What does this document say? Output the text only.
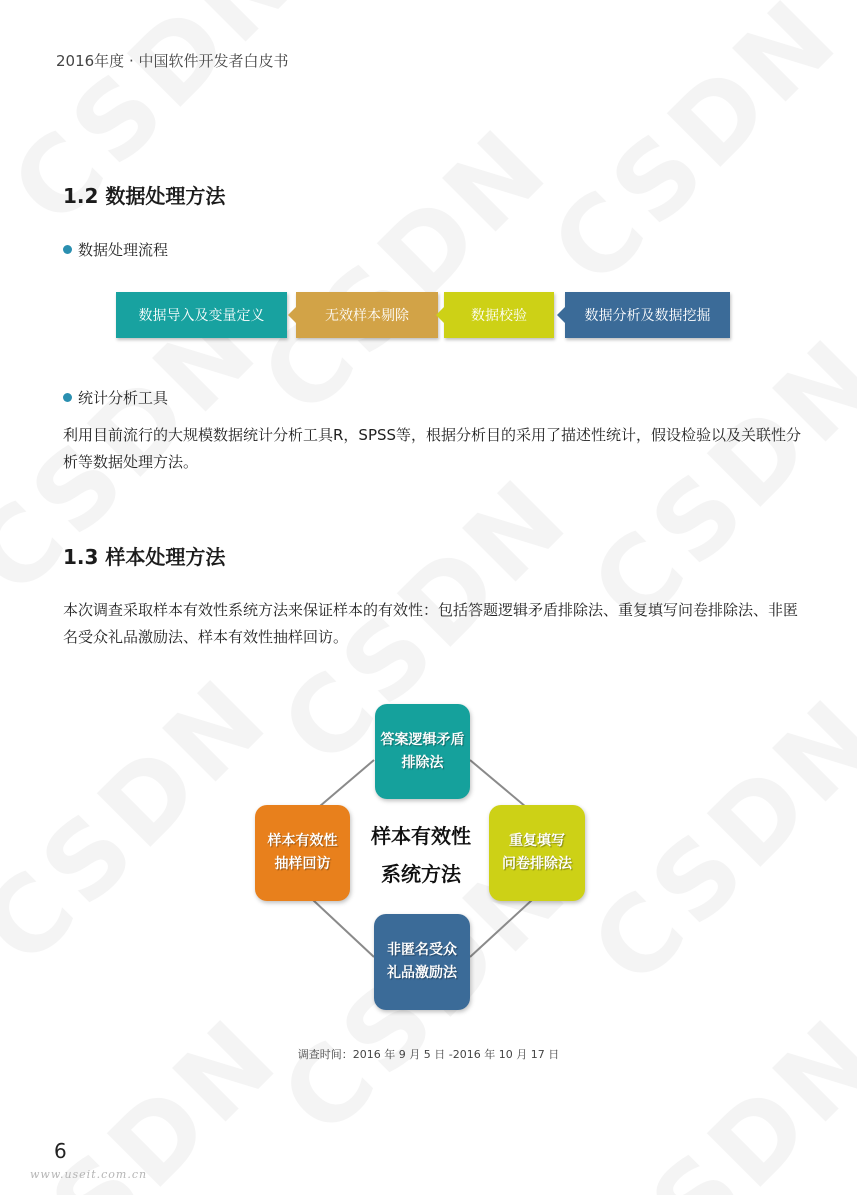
2016年度 · 中国软件开发者白皮书
1.2 数据处理方法
数据处理流程
数据导入及变量定义	无效样本剔除	数据校验	数据分析及数据挖掘
统计分析工具
利用目前流行的大规模数据统计分析工具R，SPSS等，根据分析目的采用了描述性统计，假设检验以及关联性分析等数据处理方法。
1.3 样本处理方法
本次调查采取样本有效性系统方法来保证样本的有效性：包括答题逻辑矛盾排除法、重复填写问卷排除法、非匿名受众礼品激励法、样本有效性抽样回访。
答案逻辑矛盾
排除法
重复填写
问卷排除法
非匿名受众
礼品激励法
样本有效性
抽样回访
样本有效性
系统方法
调查时间：2016 年 9 月 5 日 -2016 年 10 月 17 日
6
www.useit.com.cn
